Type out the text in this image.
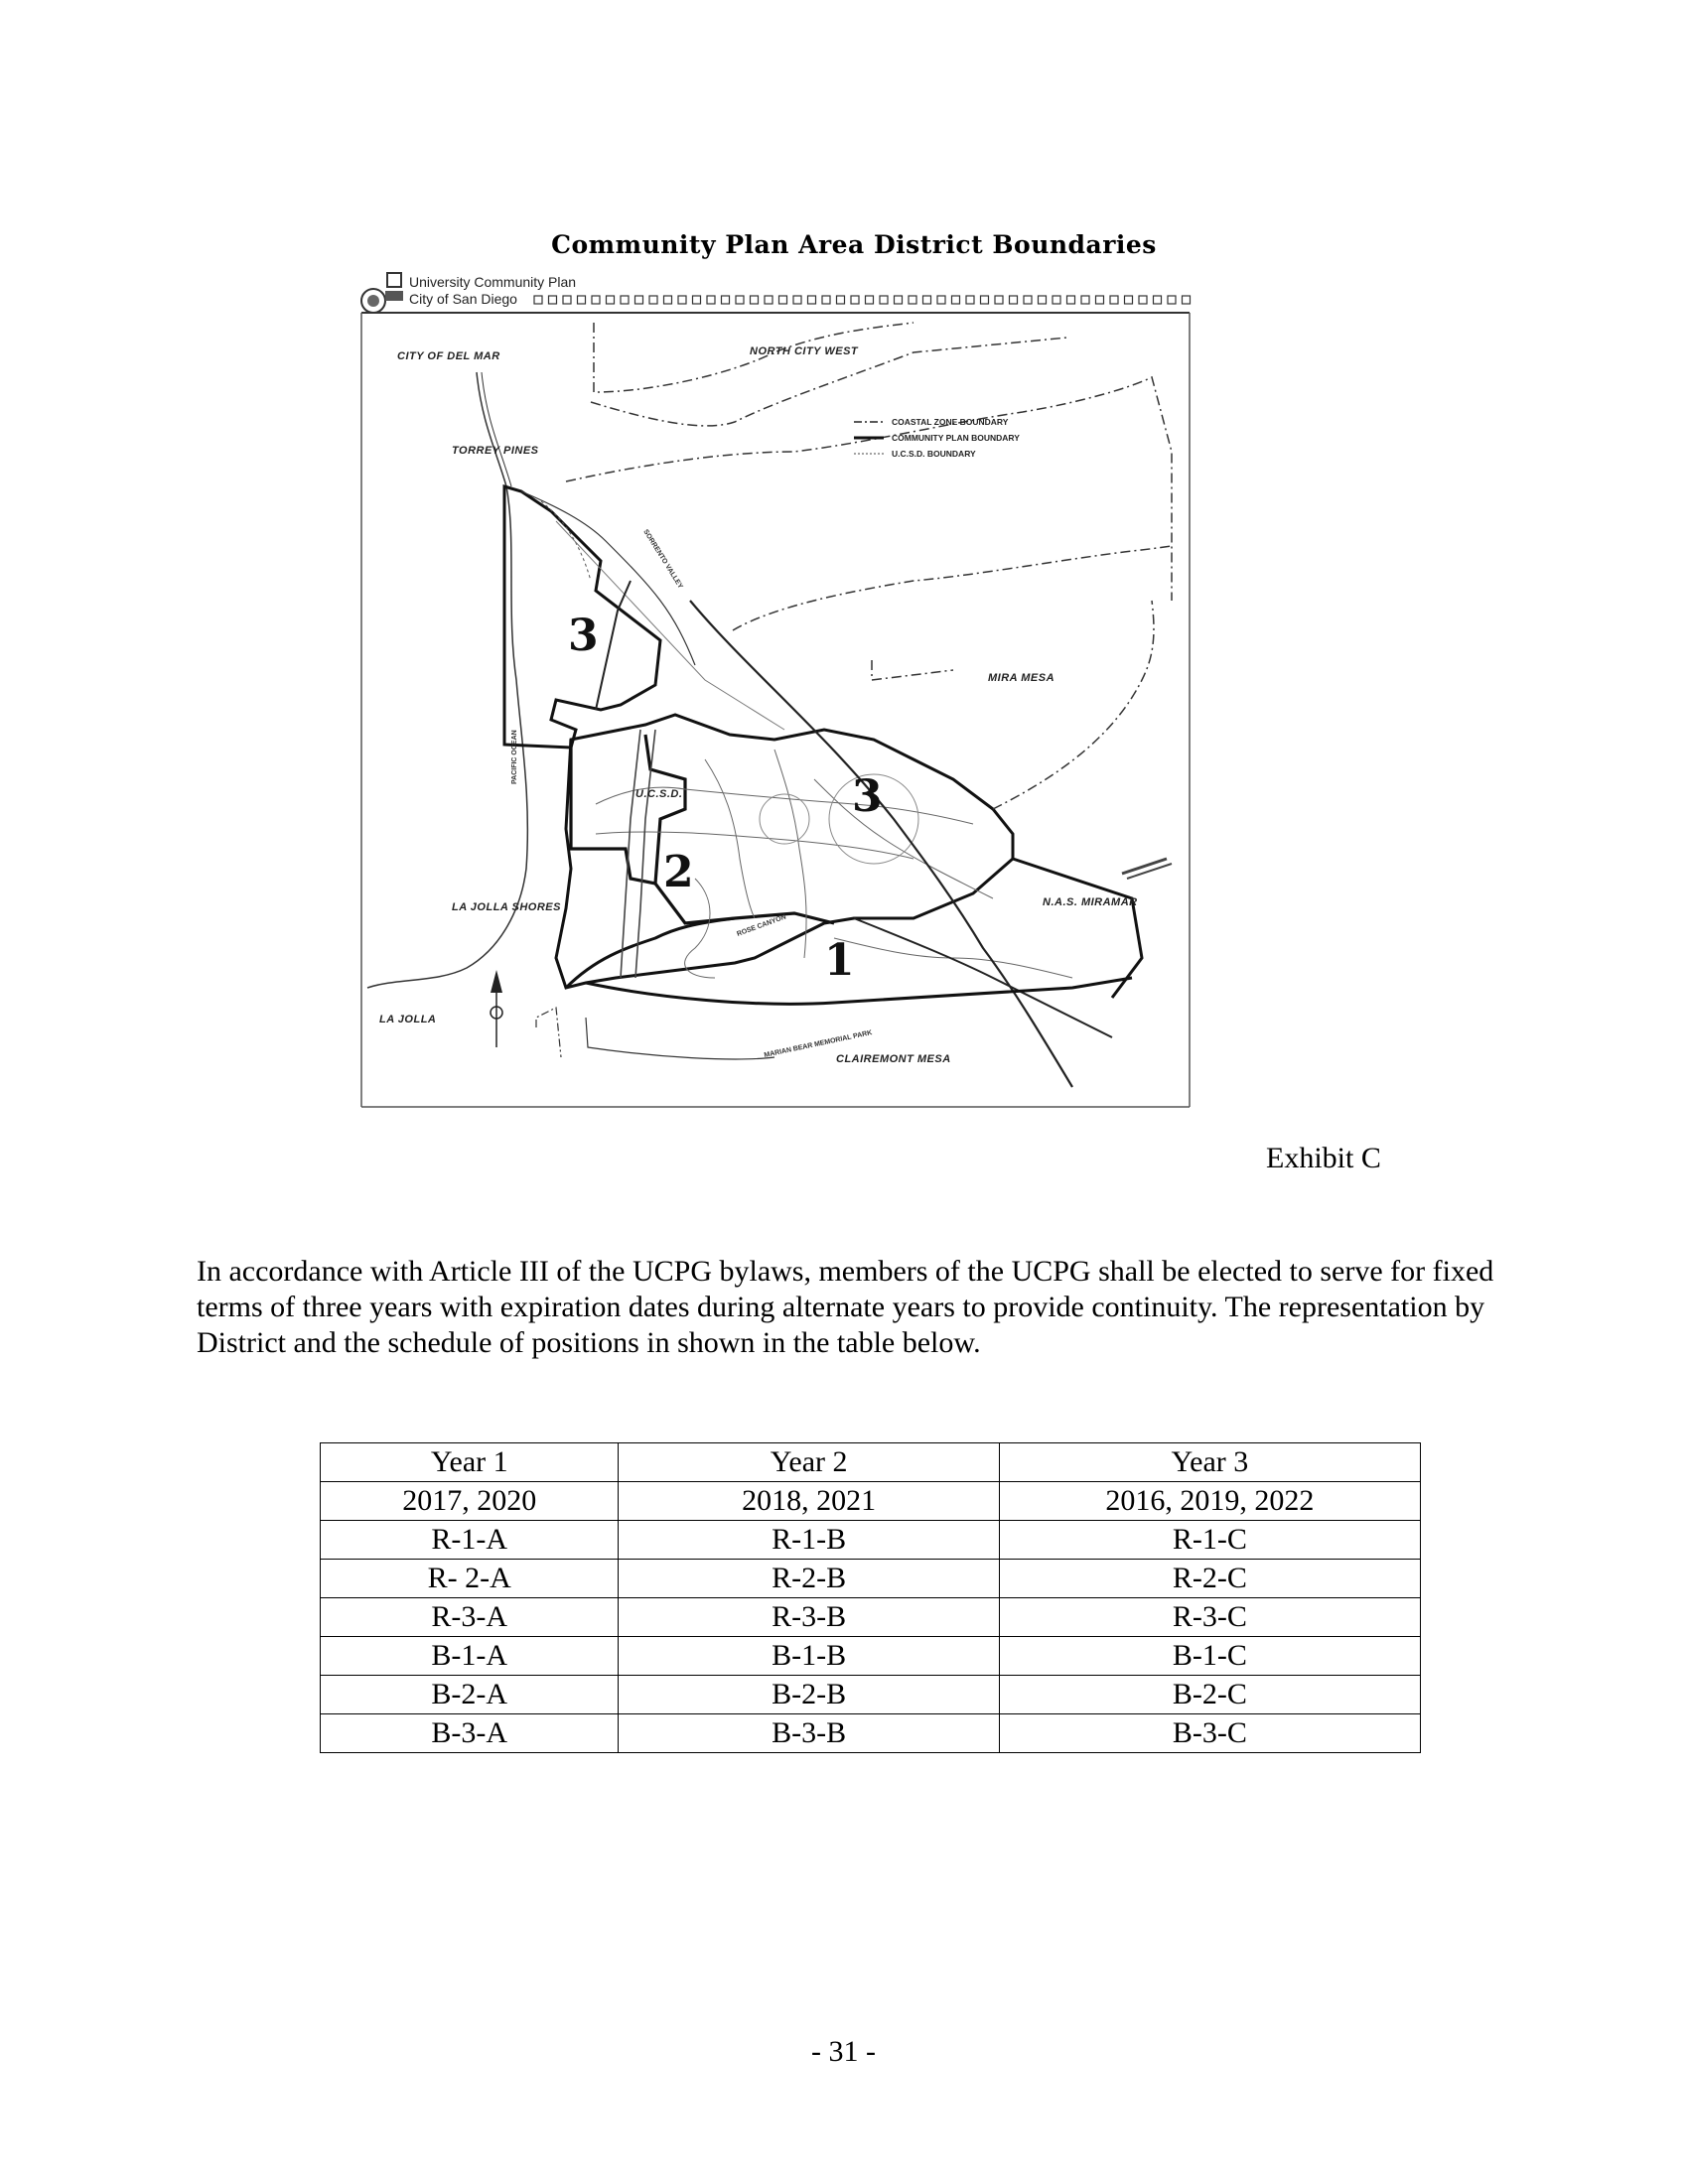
Community Plan Area District Boundaries
University Community Plan
City of San Diego
COASTAL ZONE BOUNDARY
COMMUNITY PLAN BOUNDARY
U.C.S.D. BOUNDARY
CITY OF DEL MAR	NORTH CITY WEST
TORREY PINES
MIRA MESA
U.C.S.D.
LA JOLLA SHORES	N.A.S. MIRAMAR
LA JOLLA
CLAIREMONT MESA
PACIFIC OCEAN
SORRENTO VALLEY
ROSE CANYON
MARIAN BEAR MEMORIAL PARK
3
3
2
1
Exhibit C
In accordance with Article III of the UCPG bylaws, members of the UCPG shall be elected to serve for fixed terms of three years with expiration dates during alternate years to provide continuity. The representation by District and the schedule of positions in shown in the table below.
Year 1	Year 2	Year 3
2017, 2020	2018, 2021	2016, 2019, 2022
R-1-A	R-1-B	R-1-C
R- 2-A	R-2-B	R-2-C
R-3-A	R-3-B	R-3-C
B-1-A	B-1-B	B-1-C
B-2-A	B-2-B	B-2-C
B-3-A	B-3-B	B-3-C
- 31 -
